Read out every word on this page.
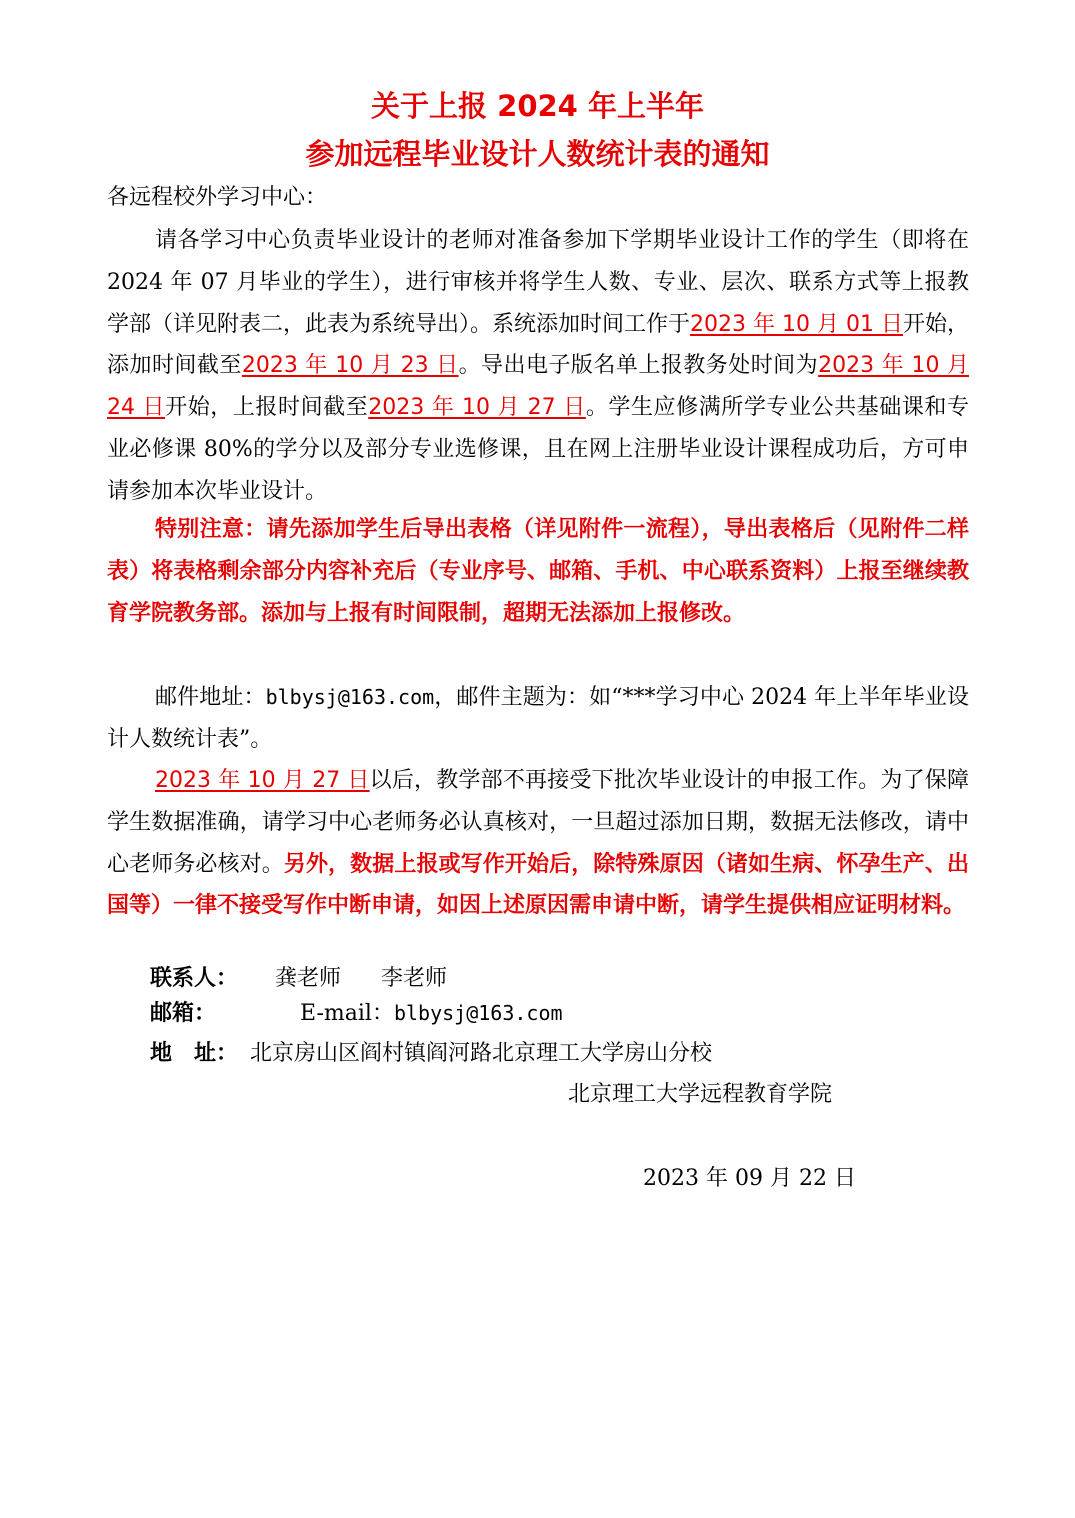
关于上报 2024 年上半年
参加远程毕业设计人数统计表的通知
各远程校外学习中心：
请各学习中心负责毕业设计的老师对准备参加下学期毕业设计工作的学生（即将在 2024 年 07 月毕业的学生），进行审核并将学生人数、专业、层次、联系方式等上报教学部（详见附表二，此表为系统导出）。系统添加时间工作于2023 年 10 月 01 日开始，添加时间截至2023 年 10 月 23 日。导出电子版名单上报教务处时间为2023 年 10 月 24 日开始，上报时间截至2023 年 10 月 27 日。学生应修满所学专业公共基础课和专业必修课 80%的学分以及部分专业选修课，且在网上注册毕业设计课程成功后，方可申请参加本次毕业设计。
特别注意：请先添加学生后导出表格（详见附件一流程），导出表格后（见附件二样表）将表格剩余部分内容补充后（专业序号、邮箱、手机、中心联系资料）上报至继续教育学院教务部。添加与上报有时间限制，超期无法添加上报修改。
邮件地址：blbysj@163.com，邮件主题为：如“***学习中心 2024 年上半年毕业设计人数统计表”。
2023 年 10 月 27 日以后，教学部不再接受下批次毕业设计的申报工作。为了保障学生数据准确，请学习中心老师务必认真核对，一旦超过添加日期，数据无法修改，请中心老师务必核对。另外，数据上报或写作开始后，除特殊原因（诸如生病、怀孕生产、出国等）一律不接受写作中断申请，如因上述原因需申请中断，请学生提供相应证明材料。
联系人： 龚老师 李老师
邮箱：	E-mail：blbysj@163.com
地　址： 北京房山区阎村镇阎河路北京理工大学房山分校
北京理工大学远程教育学院
2023 年 09 月 22 日
